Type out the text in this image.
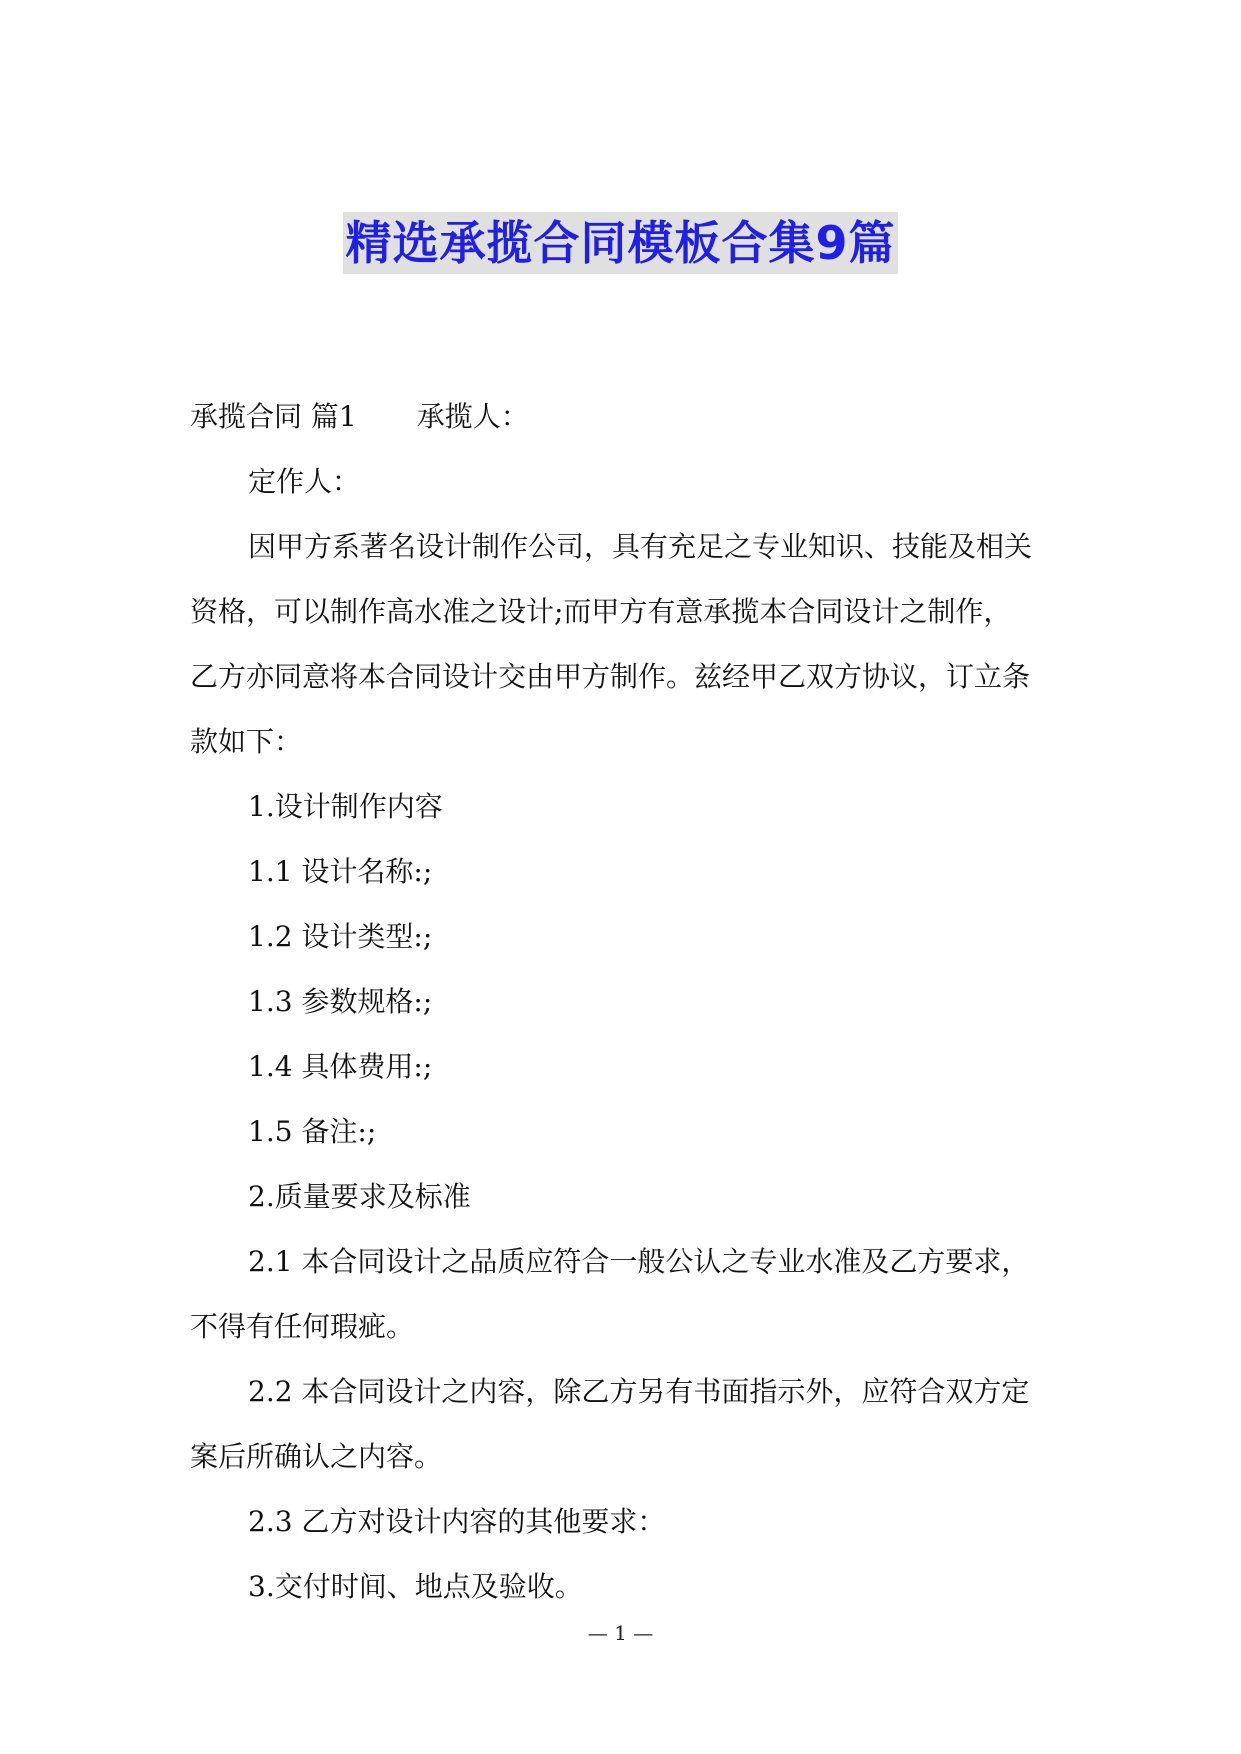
精选承揽合同模板合集9篇
承揽合同 篇1 承揽人：
定作人：
因甲方系著名设计制作公司，具有充足之专业知识、技能及相关
资格，可以制作高水准之设计;而甲方有意承揽本合同设计之制作，
乙方亦同意将本合同设计交由甲方制作。兹经甲乙双方协议，订立条
款如下：
1.设计制作内容
1.1 设计名称:;
1.2 设计类型:;
1.3 参数规格:;
1.4 具体费用:;
1.5 备注:;
2.质量要求及标准
2.1 本合同设计之品质应符合一般公认之专业水准及乙方要求，
不得有任何瑕疵。
2.2 本合同设计之内容，除乙方另有书面指示外，应符合双方定
案后所确认之内容。
2.3 乙方对设计内容的其他要求：
3.交付时间、地点及验收。
— 1 —
